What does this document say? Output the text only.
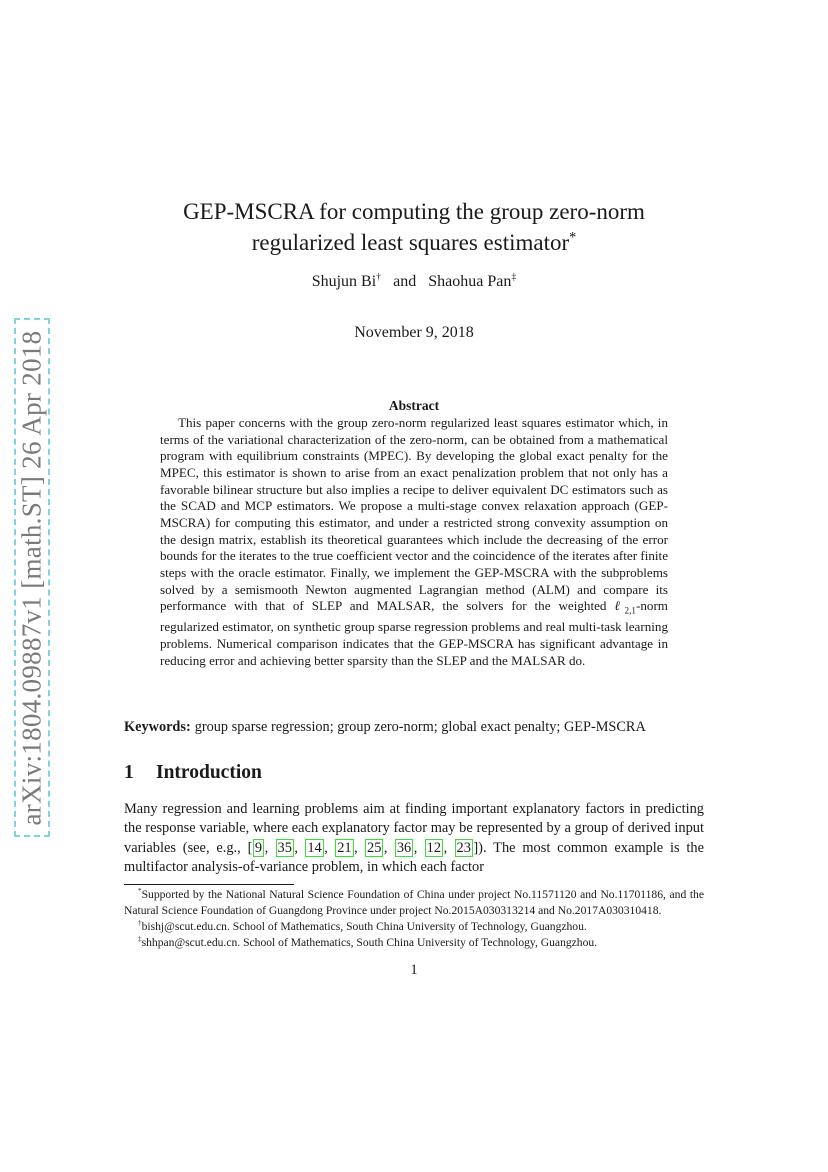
arXiv:1804.09887v1 [math.ST] 26 Apr 2018
GEP-MSCRA for computing the group zero-norm
regularized least squares estimator*
Shujun Bi† and Shaohua Pan‡
November 9, 2018
Abstract

This paper concerns with the group zero-norm regularized least squares estimator which, in terms of the variational characterization of the zero-norm, can be obtained from a mathematical program with equilibrium constraints (MPEC). By developing the global exact penalty for the MPEC, this estimator is shown to arise from an exact penalization problem that not only has a favorable bilinear structure but also implies a recipe to deliver equivalent DC estimators such as the SCAD and MCP estimators. We propose a multi-stage convex relaxation approach (GEP-MSCRA) for computing this estimator, and under a restricted strong convexity assumption on the design matrix, establish its theoretical guarantees which include the decreasing of the error bounds for the iterates to the true coefficient vector and the coincidence of the iterates after finite steps with the oracle estimator. Finally, we implement the GEP-MSCRA with the subproblems solved by a semismooth Newton augmented Lagrangian method (ALM) and compare its performance with that of SLEP and MALSAR, the solvers for the weighted ℓ$_{2,1}$-norm regularized estimator, on synthetic group sparse regression problems and real multi-task learning problems. Numerical comparison indicates that the GEP-MSCRA has significant advantage in reducing error and achieving better sparsity than the SLEP and the MALSAR do.

Keywords: group sparse regression; group zero-norm; global exact penalty; GEP-MSCRA
1 Introduction

Many regression and learning problems aim at finding important explanatory factors in predicting the response variable, where each explanatory factor may be represented by a group of derived input variables (see, e.g., [ 9 , 35 , 14 , 21 , 25 , 36 , 12 , 23 ]). The most common example is the multifactor analysis-of-variance problem, in which each factor

*Supported by the National Natural Science Foundation of China under project No.11571120 and No.11701186, and the Natural Science Foundation of Guangdong Province under project No.2015A030313214 and No.2017A030310418.

†bishj@scut.edu.cn. School of Mathematics, South China University of Technology, Guangzhou.

‡shhpan@scut.edu.cn. School of Mathematics, South China University of Technology, Guangzhou.

1
